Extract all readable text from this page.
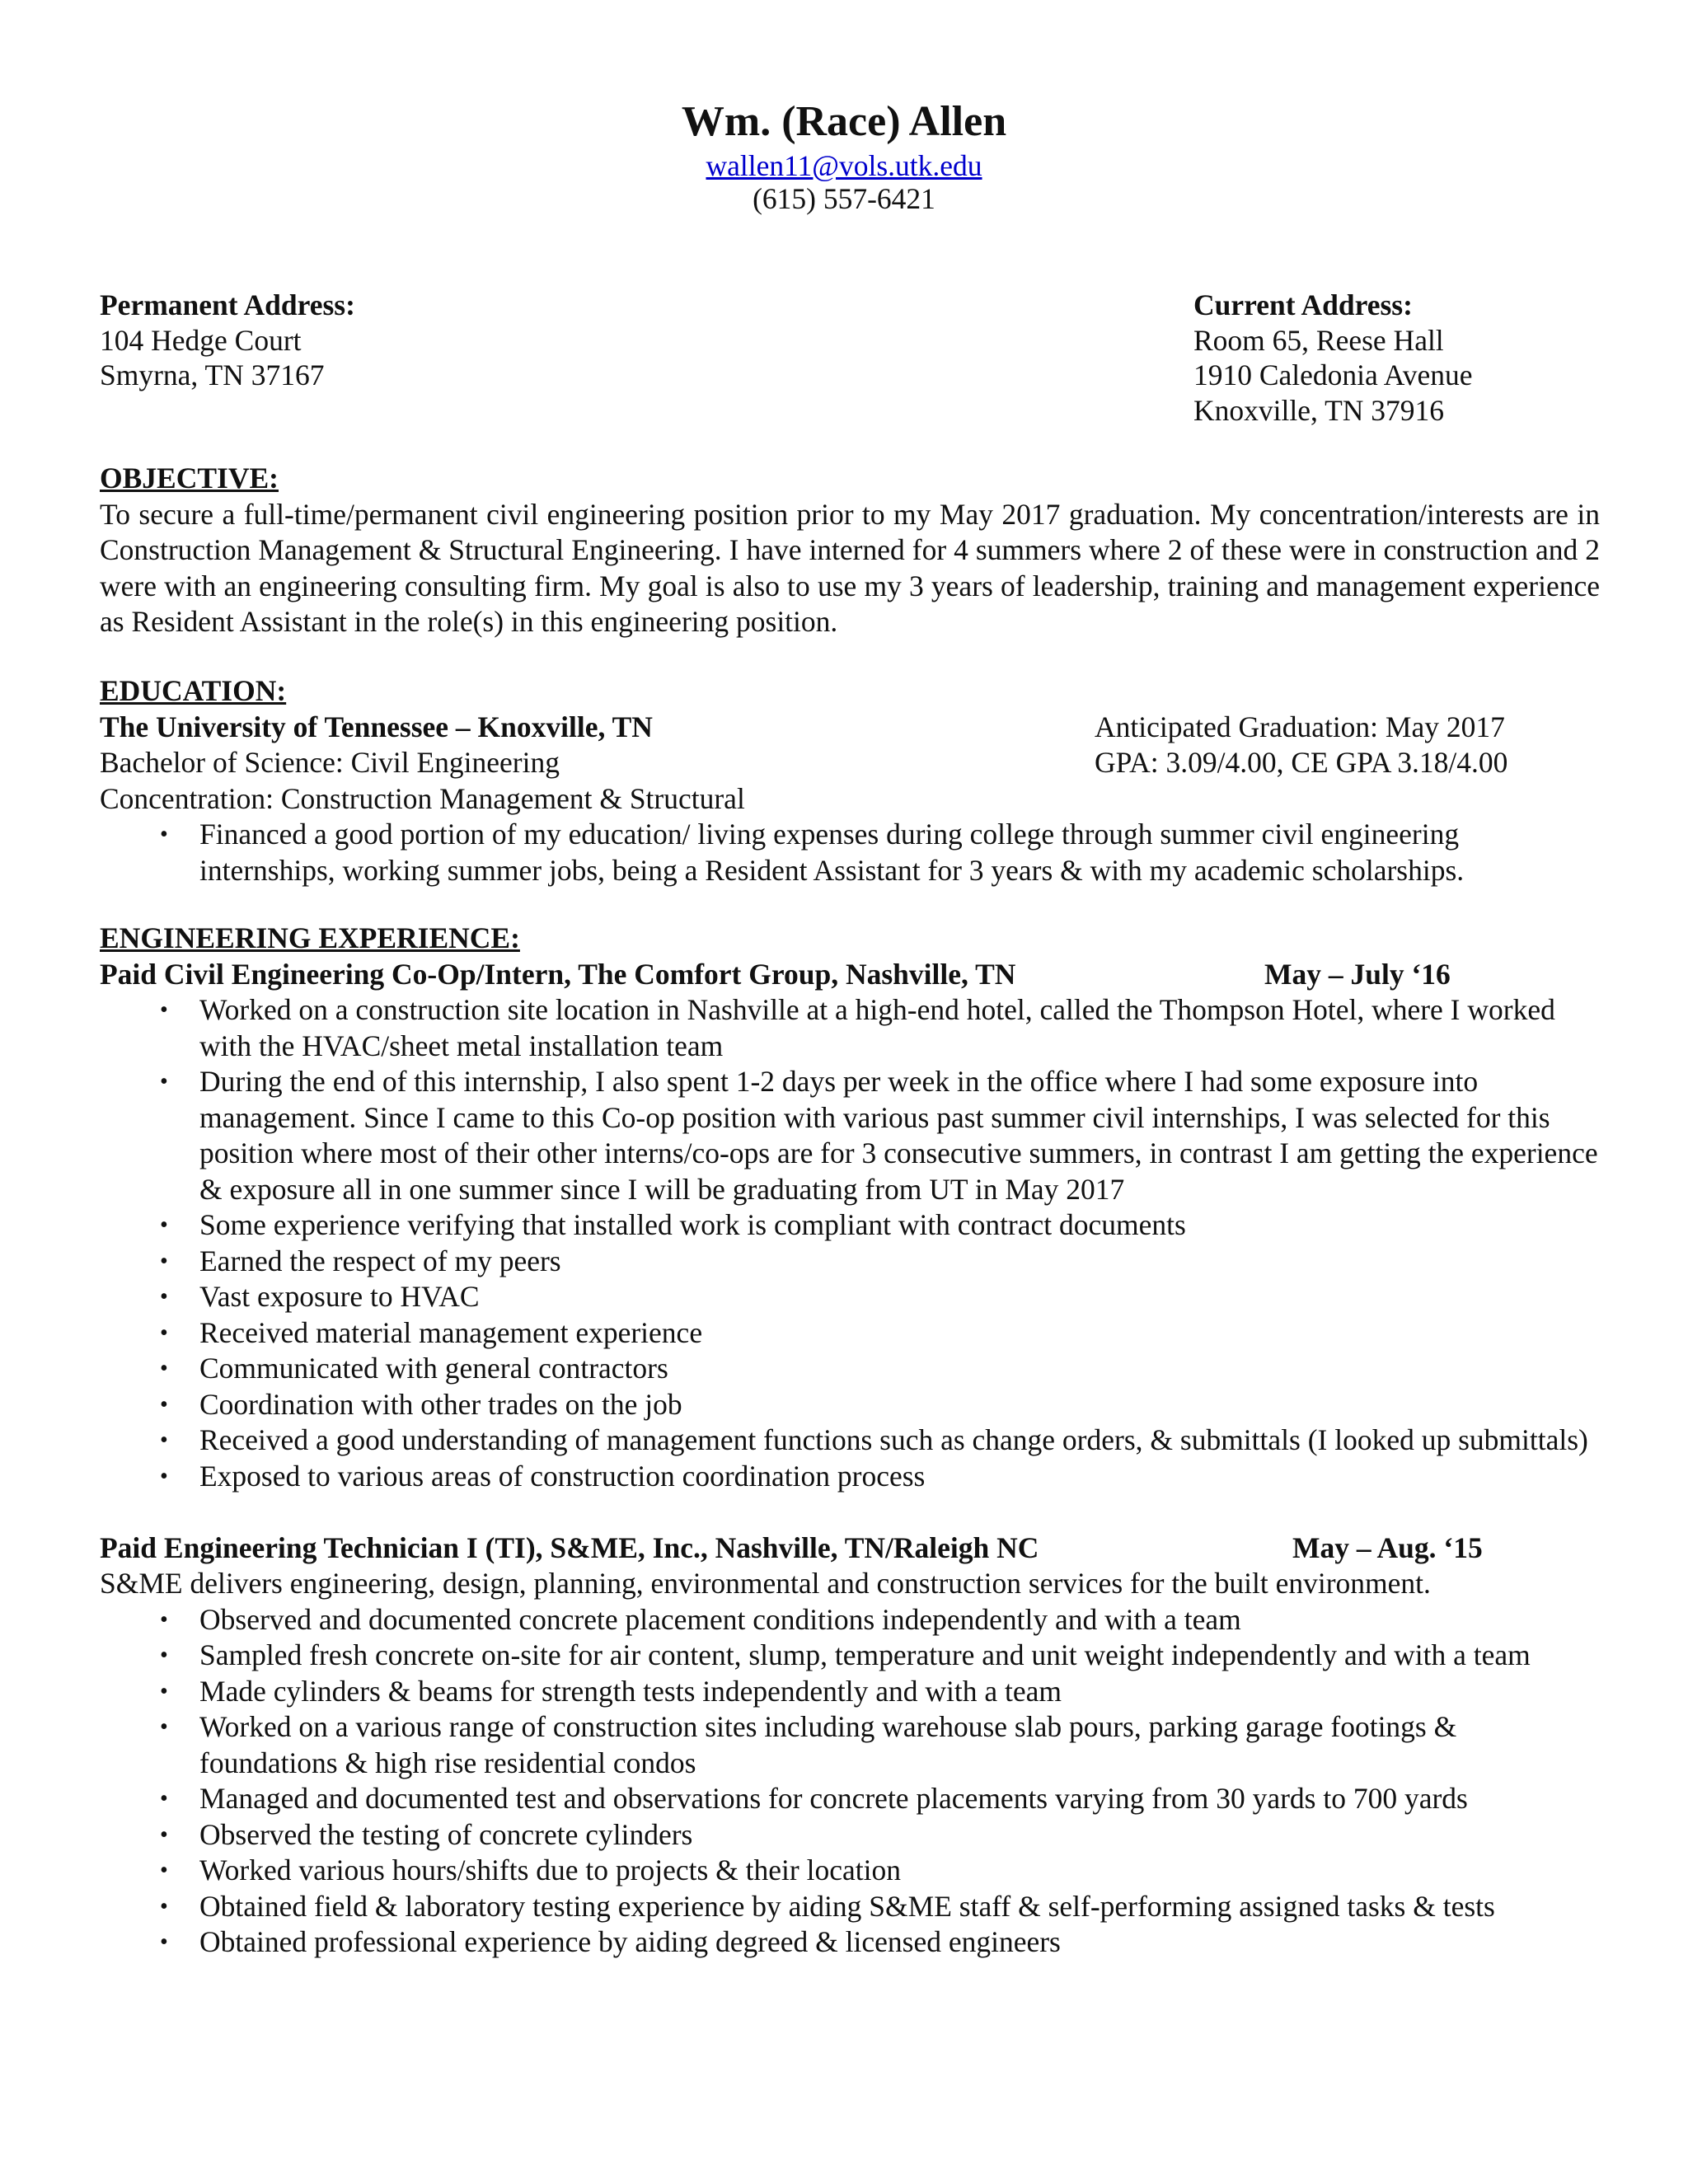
Wm. (Race) Allen
wallen11@vols.utk.edu
(615) 557-6421
Permanent Address:
104 Hedge Court
Smyrna, TN 37167
Current Address:
Room 65, Reese Hall
1910 Caledonia Avenue
Knoxville, TN 37916
OBJECTIVE:
To secure a full-time/permanent civil engineering position prior to my May 2017 graduation. My concentration/interests are in Construction Management & Structural Engineering. I have interned for 4 summers where 2 of these were in construction and 2 were with an engineering consulting firm. My goal is also to use my 3 years of leadership, training and management experience as Resident Assistant in the role(s) in this engineering position.
EDUCATION:
The University of Tennessee – Knoxville, TN	Anticipated Graduation: May 2017
Bachelor of Science: Civil Engineering	GPA: 3.09/4.00, CE GPA 3.18/4.00
Concentration: Construction Management & Structural
• Financed a good portion of my education/ living expenses during college through summer civil engineering internships, working summer jobs, being a Resident Assistant for 3 years & with my academic scholarships.
ENGINEERING EXPERIENCE:
Paid Civil Engineering Co-Op/Intern, The Comfort Group, Nashville, TN	May – July ‘16
• Worked on a construction site location in Nashville at a high-end hotel, called the Thompson Hotel, where I worked with the HVAC/sheet metal installation team
• During the end of this internship, I also spent 1-2 days per week in the office where I had some exposure into management. Since I came to this Co-op position with various past summer civil internships, I was selected for this position where most of their other interns/co-ops are for 3 consecutive summers, in contrast I am getting the experience & exposure all in one summer since I will be graduating from UT in May 2017
• Some experience verifying that installed work is compliant with contract documents
• Earned the respect of my peers
• Vast exposure to HVAC
• Received material management experience
• Communicated with general contractors
• Coordination with other trades on the job
• Received a good understanding of management functions such as change orders, & submittals (I looked up submittals)
• Exposed to various areas of construction coordination process
Paid Engineering Technician I (TI), S&ME, Inc., Nashville, TN/Raleigh NC	May – Aug. ‘15
S&ME delivers engineering, design, planning, environmental and construction services for the built environment.
• Observed and documented concrete placement conditions independently and with a team
• Sampled fresh concrete on-site for air content, slump, temperature and unit weight independently and with a team
• Made cylinders & beams for strength tests independently and with a team
• Worked on a various range of construction sites including warehouse slab pours, parking garage footings & foundations & high rise residential condos
• Managed and documented test and observations for concrete placements varying from 30 yards to 700 yards
• Observed the testing of concrete cylinders
• Worked various hours/shifts due to projects & their location
• Obtained field & laboratory testing experience by aiding S&ME staff & self-performing assigned tasks & tests
• Obtained professional experience by aiding degreed & licensed engineers
